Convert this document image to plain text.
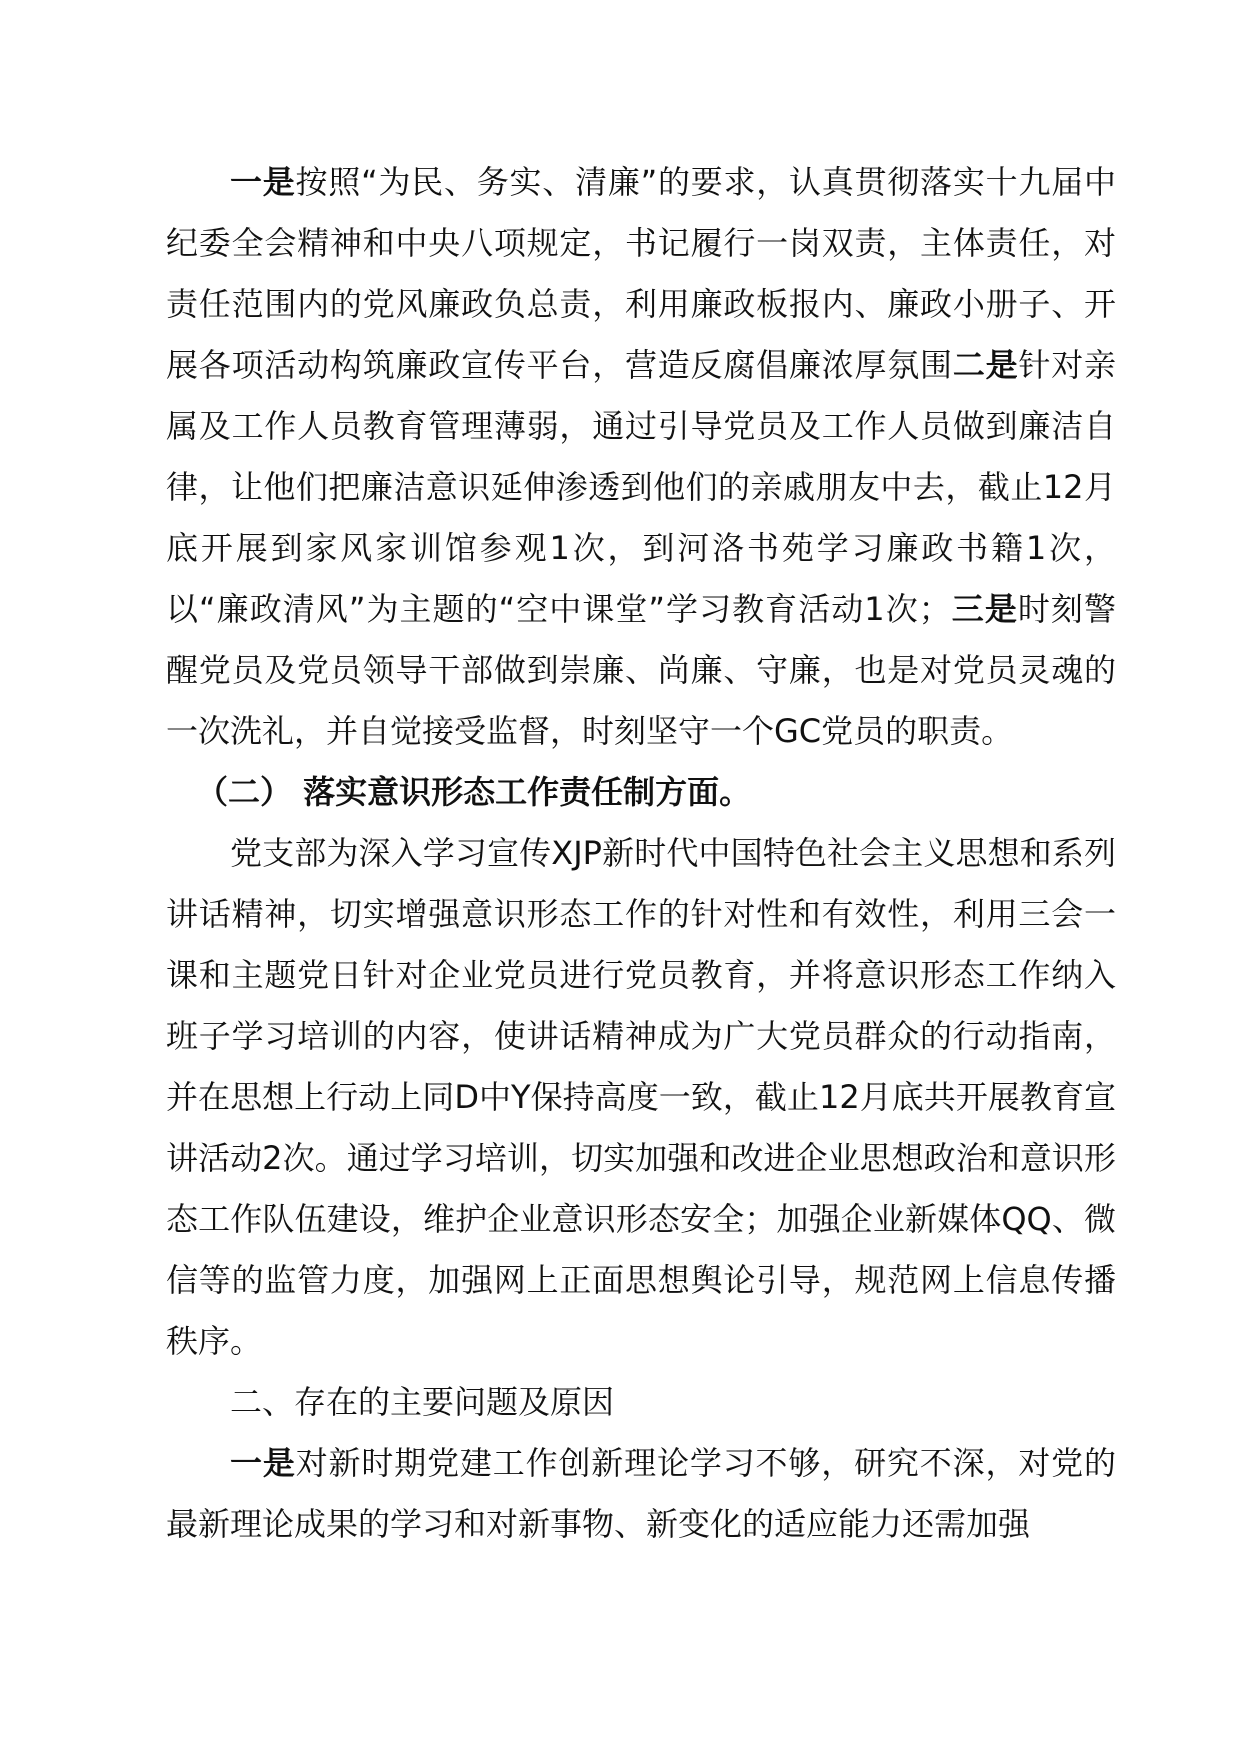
一是按照“为民、务实、清廉”的要求，认真贯彻落实十九届中纪委全会精神和中央八项规定，书记履行一岗双责，主体责任，对责任范围内的党风廉政负总责，利用廉政板报内、廉政小册子、开展各项活动构筑廉政宣传平台，营造反腐倡廉浓厚氛围二是针对亲属及工作人员教育管理薄弱，通过引导党员及工作人员做到廉洁自律，让他们把廉洁意识延伸渗透到他们的亲戚朋友中去，截止12月底开展到家风家训馆参观1次，到河洛书苑学习廉政书籍1次，以“廉政清风”为主题的“空中课堂”学习教育活动1次；三是时刻警醒党员及党员领导干部做到崇廉、尚廉、守廉，也是对党员灵魂的一次洗礼，并自觉接受监督，时刻坚守一个GC党员的职责。

（二） 落实意识形态工作责任制方面。

党支部为深入学习宣传XJP新时代中国特色社会主义思想和系列讲话精神，切实增强意识形态工作的针对性和有效性，利用三会一课和主题党日针对企业党员进行党员教育，并将意识形态工作纳入班子学习培训的内容，使讲话精神成为广大党员群众的行动指南，并在思想上行动上同D中Y保持高度一致，截止12月底共开展教育宣讲活动2次。通过学习培训，切实加强和改进企业思想政治和意识形态工作队伍建设，维护企业意识形态安全；加强企业新媒体QQ、微信等的监管力度，加强网上正面思想舆论引导，规范网上信息传播秩序。

二、存在的主要问题及原因

一是对新时期党建工作创新理论学习不够，研究不深，对党的最新理论成果的学习和对新事物、新变化的适应能力还需加强
